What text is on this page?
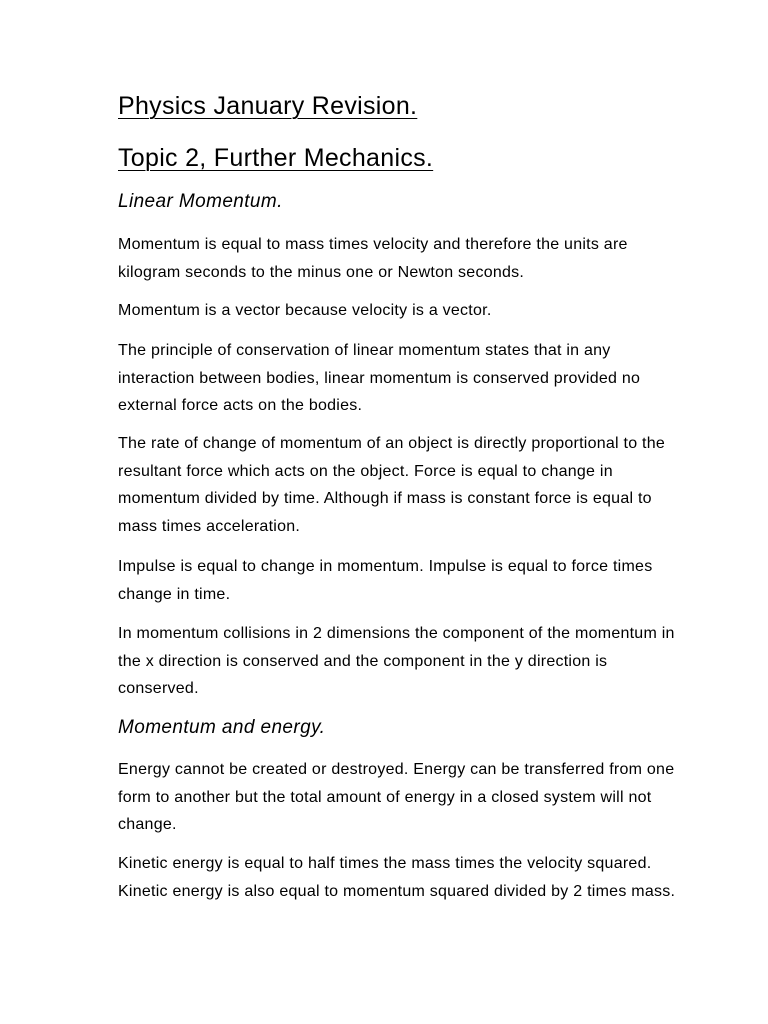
Physics January Revision.
Topic 2, Further Mechanics.
Linear Momentum.

Momentum is equal to mass times velocity and therefore the units are kilogram seconds to the minus one or Newton seconds.

Momentum is a vector because velocity is a vector.

The principle of conservation of linear momentum states that in any interaction between bodies, linear momentum is conserved provided no external force acts on the bodies.

The rate of change of momentum of an object is directly proportional to the resultant force which acts on the object. Force is equal to change in momentum divided by time. Although if mass is constant force is equal to mass times acceleration.

Impulse is equal to change in momentum. Impulse is equal to force times change in time.

In momentum collisions in 2 dimensions the component of the momentum in the x direction is conserved and the component in the y direction is conserved.

Momentum and energy.

Energy cannot be created or destroyed. Energy can be transferred from one form to another but the total amount of energy in a closed system will not change.

Kinetic energy is equal to half times the mass times the velocity squared. Kinetic energy is also equal to momentum squared divided by 2 times mass.
